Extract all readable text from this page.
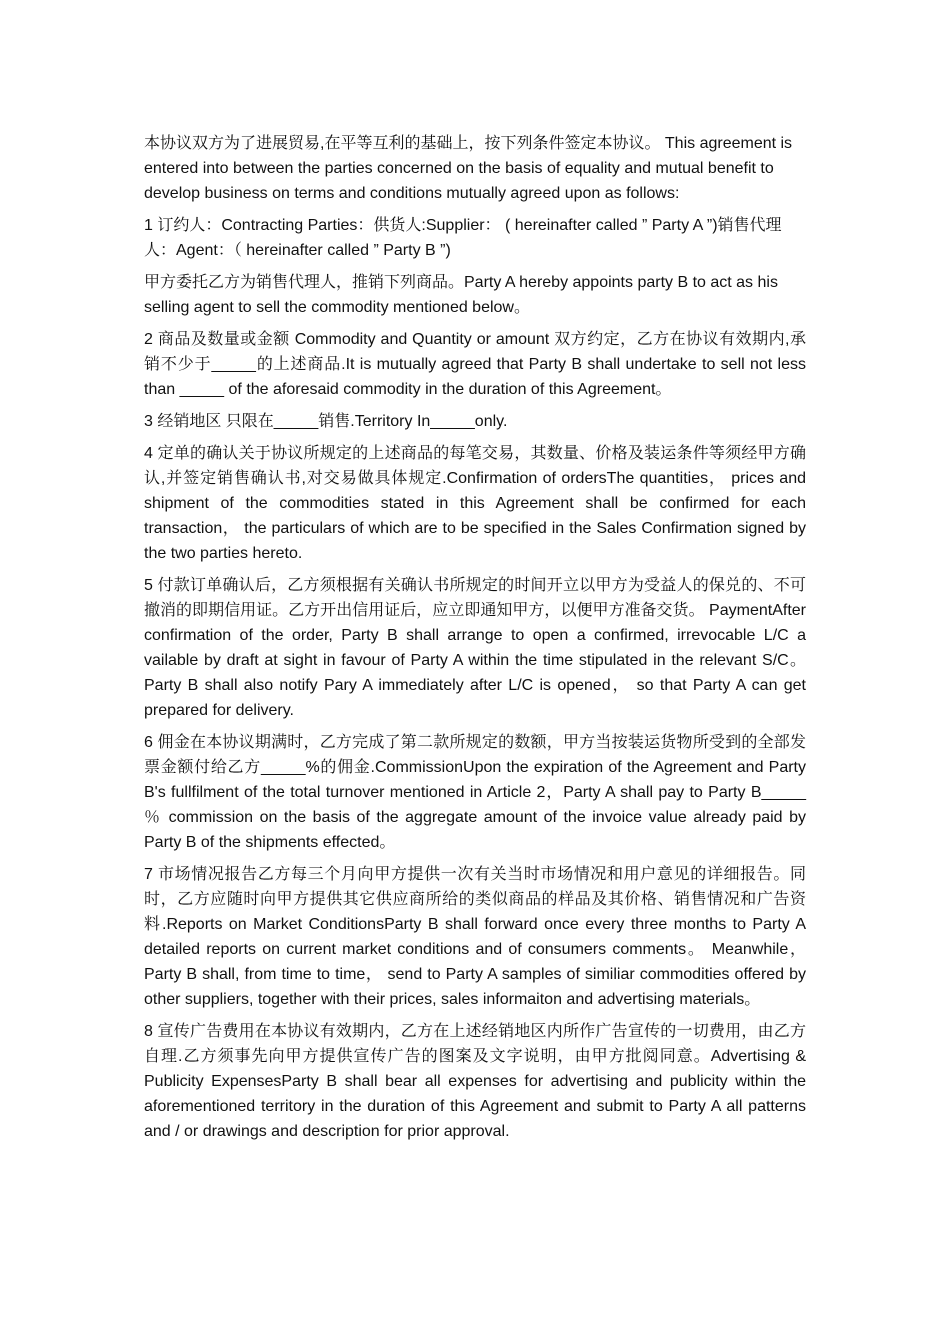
本协议双方为了进展贸易,在平等互利的基础上，按下列条件签定本协议。 This agreement is entered into between the parties concerned on the basis of equality and mutual benefit to develop business on terms and conditions mutually agreed upon as follows:

1 订约人：Contracting Parties：供货人:Supplier： ( hereinafter called ” Party A ”)销售代理人：Agent：（ hereinafter called ” Party B ”)

甲方委托乙方为销售代理人，推销下列商品。Party A hereby appoints party B to act as his selling agent to sell the commodity mentioned below。

2 商品及数量或金额 Commodity and Quantity or amount 双方约定，乙方在协议有效期内,承销不少于_____的上述商品.It is mutually agreed that Party B shall undertake to sell not less than _____ of the aforesaid commodity in the duration of this Agreement。

3 经销地区 只限在_____销售.Territory In_____only.

4 定单的确认关于协议所规定的上述商品的每笔交易，其数量、价格及装运条件等须经甲方确认,并签定销售确认书,对交易做具体规定.Confirmation of ordersThe quantities， prices and shipment of the commodities stated in this Agreement shall be confirmed for each transaction， the particulars of which are to be specified in the Sales Confirmation signed by the two parties hereto.

5 付款订单确认后，乙方须根据有关确认书所规定的时间开立以甲方为受益人的保兑的、不可撤消的即期信用证。乙方开出信用证后，应立即通知甲方，以便甲方准备交货。 PaymentAfter confirmation of the order, Party B shall arrange to open a confirmed, irrevocable L/C a vailable by draft at sight in favour of Party A within the time stipulated in the relevant S/C。 Party B shall also notify Pary A immediately after L/C is opened， so that Party A can get prepared for delivery.

6 佣金在本协议期满时，乙方完成了第二款所规定的数额，甲方当按装运货物所受到的全部发票金额付给乙方_____%的佣金.CommissionUpon the expiration of the Agreement and Party B's fullfilment of the total turnover mentioned in Article 2，Party A shall pay to Party B_____ ％ commission on the basis of the aggregate amount of the invoice value already paid by Party B of the shipments effected。

7 市场情况报告乙方每三个月向甲方提供一次有关当时市场情况和用户意见的详细报告。同时，乙方应随时向甲方提供其它供应商所给的类似商品的样品及其价格、销售情况和广告资料.Reports on Market ConditionsParty B shall forward once every three months to Party A detailed reports on current market conditions and of consumers comments。 Meanwhile， Party B shall, from time to time， send to Party A samples of similiar commodities offered by other suppliers, together with their prices, sales informaiton and advertising materials。

8 宣传广告费用在本协议有效期内，乙方在上述经销地区内所作广告宣传的一切费用，由乙方自理.乙方须事先向甲方提供宣传广告的图案及文字说明，由甲方批阅同意。Advertising & Publicity ExpensesParty B shall bear all expenses for advertising and publicity within the aforementioned territory in the duration of this Agreement and submit to Party A all patterns and / or drawings and description for prior approval.
